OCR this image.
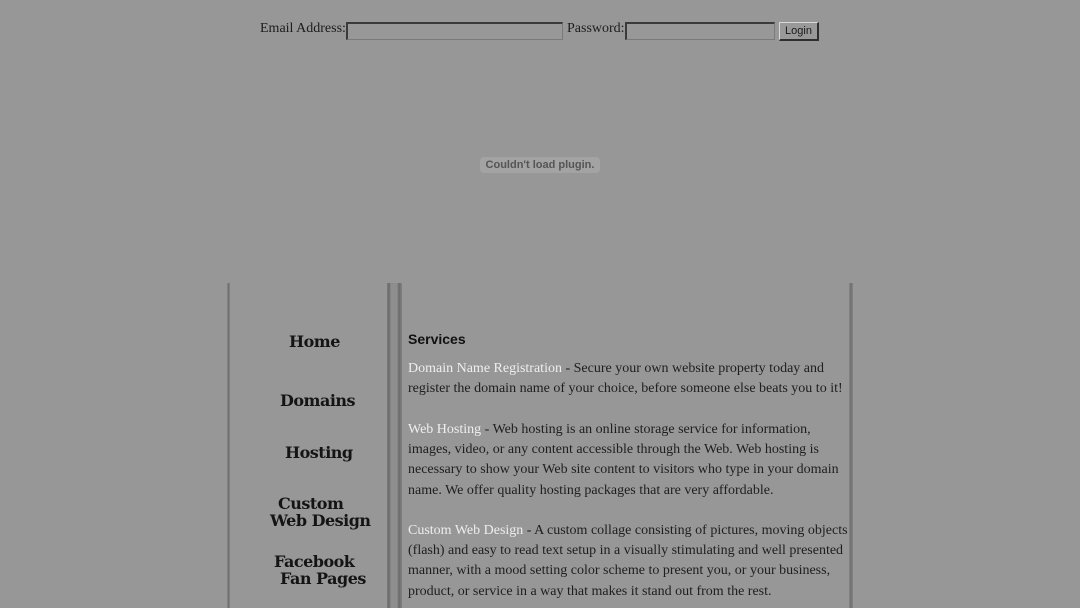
Email Address:	Password:	Login
Couldn't load plugin.
Home
Domains
Hosting
Custom
Web Design
Facebook
Fan Pages
Services

Domain Name Registration - Secure your own website property today and register the domain name of your choice, before someone else beats you to it!

Web Hosting - Web hosting is an online storage service for information, images, video, or any content accessible through the Web. Web hosting is necessary to show your Web site content to visitors who type in your domain name. We offer quality hosting packages that are very affordable.

Custom Web Design - A custom collage consisting of pictures, moving objects (flash) and easy to read text setup in a visually stimulating and well presented manner, with a mood setting color scheme to present you, or your business, product, or service in a way that makes it stand out from the rest.
